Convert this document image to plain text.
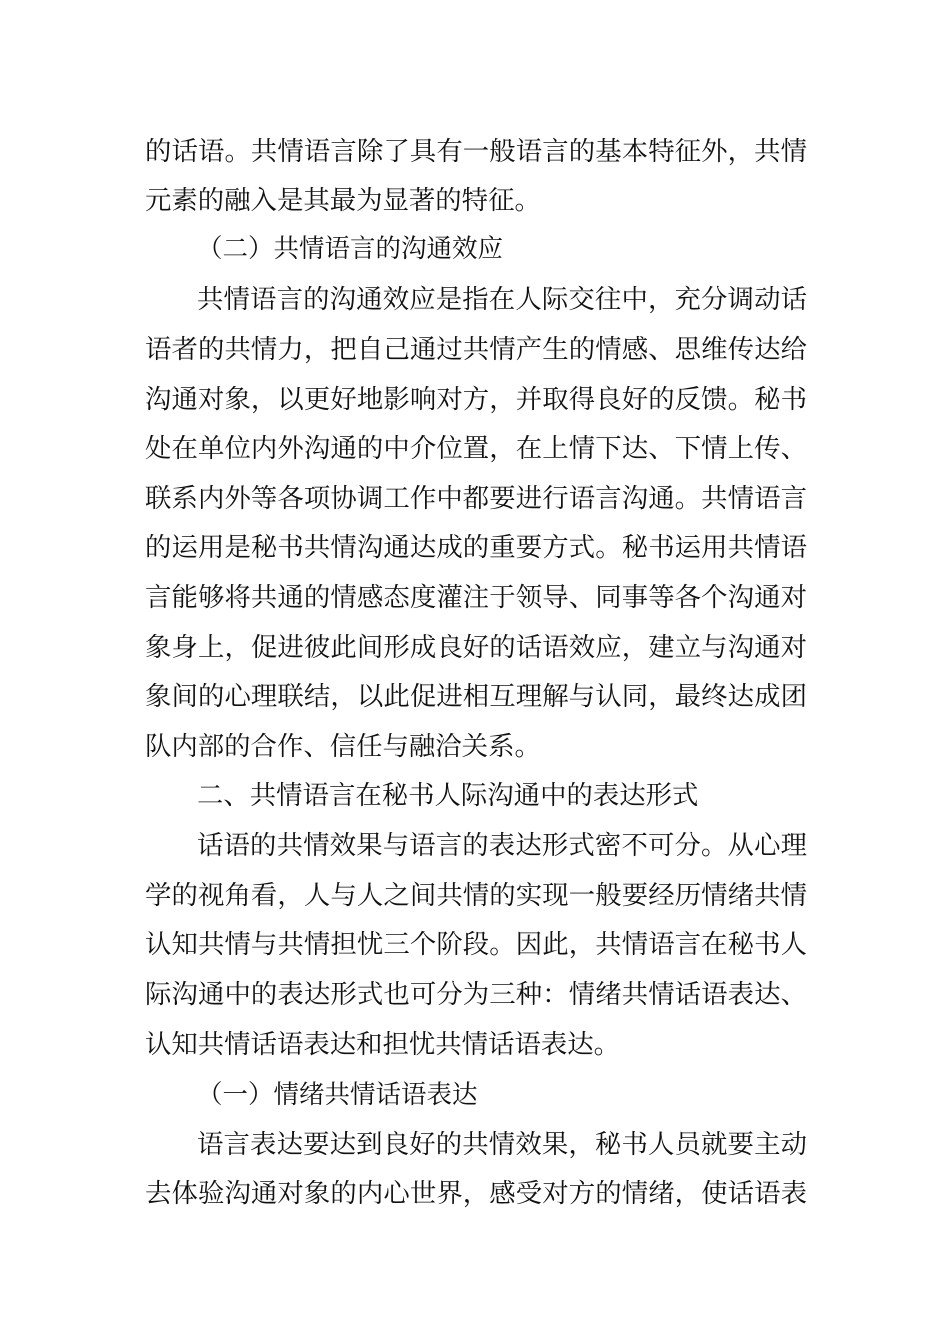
的话语。共情语言除了具有一般语言的基本特征外，共情
元素的融入是其最为显著的特征。
（二）共情语言的沟通效应
共情语言的沟通效应是指在人际交往中，充分调动话
语者的共情力，把自己通过共情产生的情感、思维传达给
沟通对象，以更好地影响对方，并取得良好的反馈。秘书
处在单位内外沟通的中介位置，在上情下达、下情上传、
联系内外等各项协调工作中都要进行语言沟通。共情语言
的运用是秘书共情沟通达成的重要方式。秘书运用共情语
言能够将共通的情感态度灌注于领导、同事等各个沟通对
象身上，促进彼此间形成良好的话语效应，建立与沟通对
象间的心理联结，以此促进相互理解与认同，最终达成团
队内部的合作、信任与融洽关系。
二、共情语言在秘书人际沟通中的表达形式
话语的共情效果与语言的表达形式密不可分。从心理
学的视角看，人与人之间共情的实现一般要经历情绪共情
认知共情与共情担忧三个阶段。因此，共情语言在秘书人
际沟通中的表达形式也可分为三种：情绪共情话语表达、
认知共情话语表达和担忧共情话语表达。
（一）情绪共情话语表达
语言表达要达到良好的共情效果，秘书人员就要主动
去体验沟通对象的内心世界，感受对方的情绪，使话语表
